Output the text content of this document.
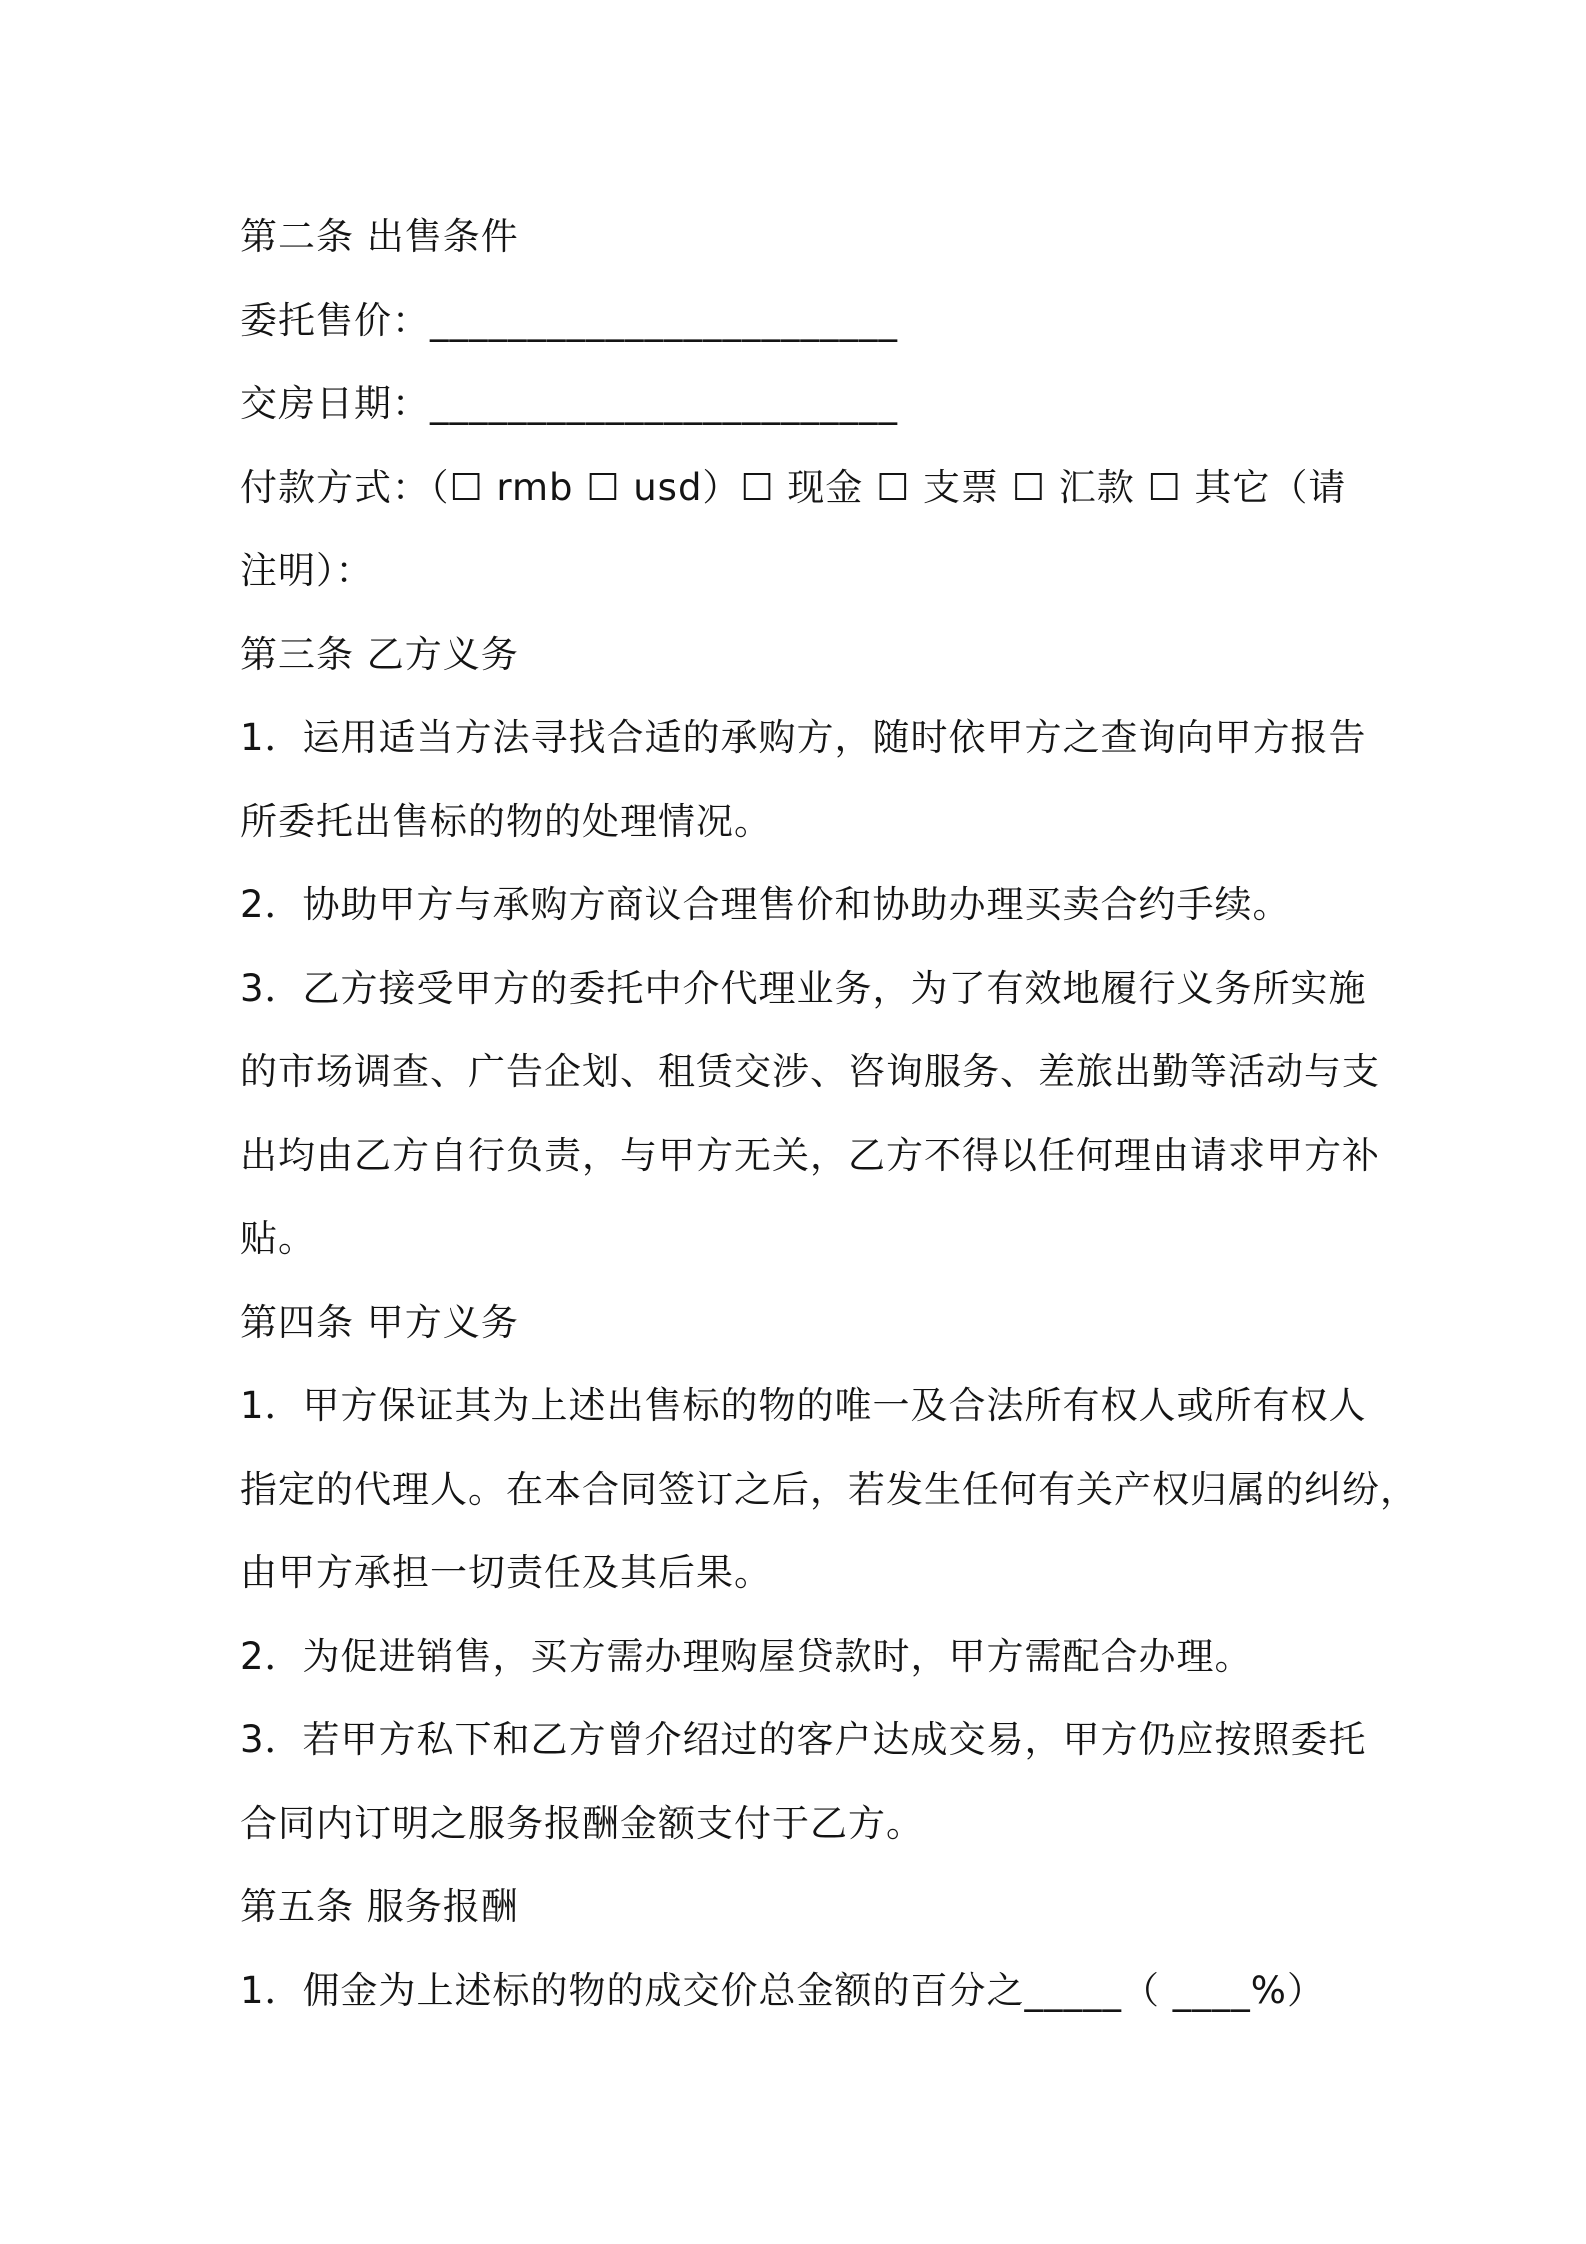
第二条 出售条件
委托售价：________________________
交房日期：________________________
付款方式：（☐ rmb ☐ usd）☐ 现金 ☐ 支票 ☐ 汇款 ☐ 其它（请
注明）：
第三条 乙方义务
1．运用适当方法寻找合适的承购方，随时依甲方之查询向甲方报告
所委托出售标的物的处理情况。
2．协助甲方与承购方商议合理售价和协助办理买卖合约手续。
3．乙方接受甲方的委托中介代理业务，为了有效地履行义务所实施
的市场调查、广告企划、租赁交涉、咨询服务、差旅出勤等活动与支
出均由乙方自行负责，与甲方无关，乙方不得以任何理由请求甲方补
贴。
第四条 甲方义务
1．甲方保证其为上述出售标的物的唯一及合法所有权人或所有权人
指定的代理人。在本合同签订之后，若发生任何有关产权归属的纠纷，
由甲方承担一切责任及其后果。
2．为促进销售，买方需办理购屋贷款时，甲方需配合办理。
3．若甲方私下和乙方曾介绍过的客户达成交易，甲方仍应按照委托
合同内订明之服务报酬金额支付于乙方。
第五条 服务报酬
1．佣金为上述标的物的成交价总金额的百分之_____（ ____%）
